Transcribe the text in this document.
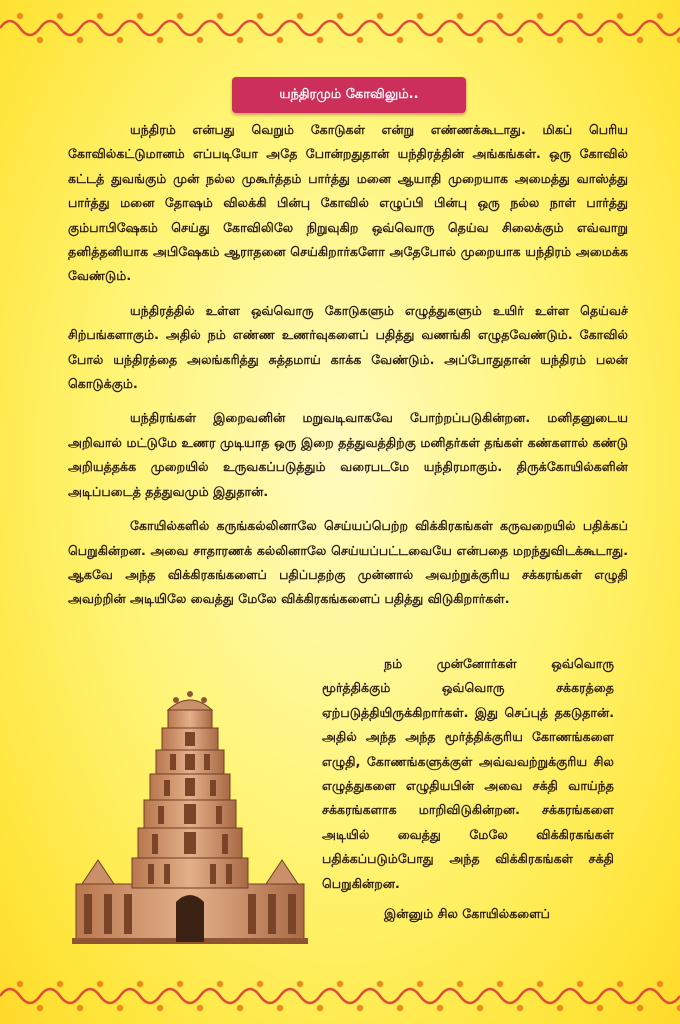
யந்திரமும் கோவிலும்..

யந்திரம் என்பது வெறும் கோடுகள் என்று எண்ணக்கூடாது. மிகப் பெரிய கோவில்கட்டுமானம் எப்படியோ அதே போன்றதுதான் யந்திரத்தின் அங்கங்கள். ஒரு கோவில் கட்டத் துவங்கும் முன் நல்ல முகூர்த்தம் பார்த்து மனை ஆயாதி முறையாக அமைத்து வாஸ்த்து பார்த்து மனை தோஷம் விலக்கி பின்பு கோவில் எழுப்பி பின்பு ஒரு நல்ல நாள் பார்த்து கும்பாபிஷேகம் செய்து கோவிலிலே நிறுவுகிற ஒவ்வொரு தெய்வ சிலைக்கும் எவ்வாறு தனித்தனியாக அபிஷேகம் ஆராதனை செய்கிறார்களோ அதேபோல் முறையாக யந்திரம் அமைக்க வேண்டும்.

யந்திரத்தில் உள்ள ஒவ்வொரு கோடுகளும் எழுத்துகளும் உயிர் உள்ள தெய்வச் சிற்பங்களாகும். அதில் நம் எண்ண உணர்வுகளைப் பதித்து வணங்கி எழுதவேண்டும். கோவில் போல் யந்திரத்தை அலங்கரித்து சுத்தமாய் காக்க வேண்டும். அப்போதுதான் யந்திரம் பலன் கொடுக்கும்.

யந்திரங்கள் இறைவனின் மறுவடிவாகவே போற்றப்படுகின்றன. மனிதனுடைய அறிவால் மட்டுமே உணர முடியாத ஒரு இறை தத்துவத்திற்கு மனிதர்கள் தங்கள் கண்களால் கண்டு அறியத்தக்க முறையில் உருவகப்படுத்தும் வரைபடமே யந்திரமாகும். திருக்கோயில்களின் அடிப்படைத் தத்துவமும் இதுதான்.

கோயில்களில் கருங்கல்லினாலே செய்யப்பெற்ற விக்கிரகங்கள் கருவறையில் பதிக்கப் பெறுகின்றன. அவை சாதாரணக் கல்லினாலே செய்யப்பட்டவையே என்பதை மறந்துவிடக்கூடாது. ஆகவே அந்த விக்கிரகங்களைப் பதிப்பதற்கு முன்னால் அவற்றுக்குரிய சக்கரங்கள் எழுதி அவற்றின் அடியிலே வைத்து மேலே விக்கிரகங்களைப் பதித்து விடுகிறார்கள்.

நம் முன்னோர்கள் ஒவ்வொரு மூர்த்திக்கும் ஒவ்வொரு சக்கரத்தை ஏற்படுத்தியிருக்கிறார்கள். இது செப்புத் தகடுதான். அதில் அந்த அந்த மூர்த்திக்குரிய கோணங்களை எழுதி, கோணங்களுக்குள் அவ்வவற்றுக்குரிய சில எழுத்துகளை எழுதியபின் அவை சக்தி வாய்ந்த சக்கரங்களாக மாறிவிடுகின்றன. சக்கரங்களை அடியில் வைத்து மேலே விக்கிரகங்கள் பதிக்கப்படும்போது அந்த விக்கிரகங்கள் சக்தி பெறுகின்றன.

இன்னும் சில கோயில்களைப்
